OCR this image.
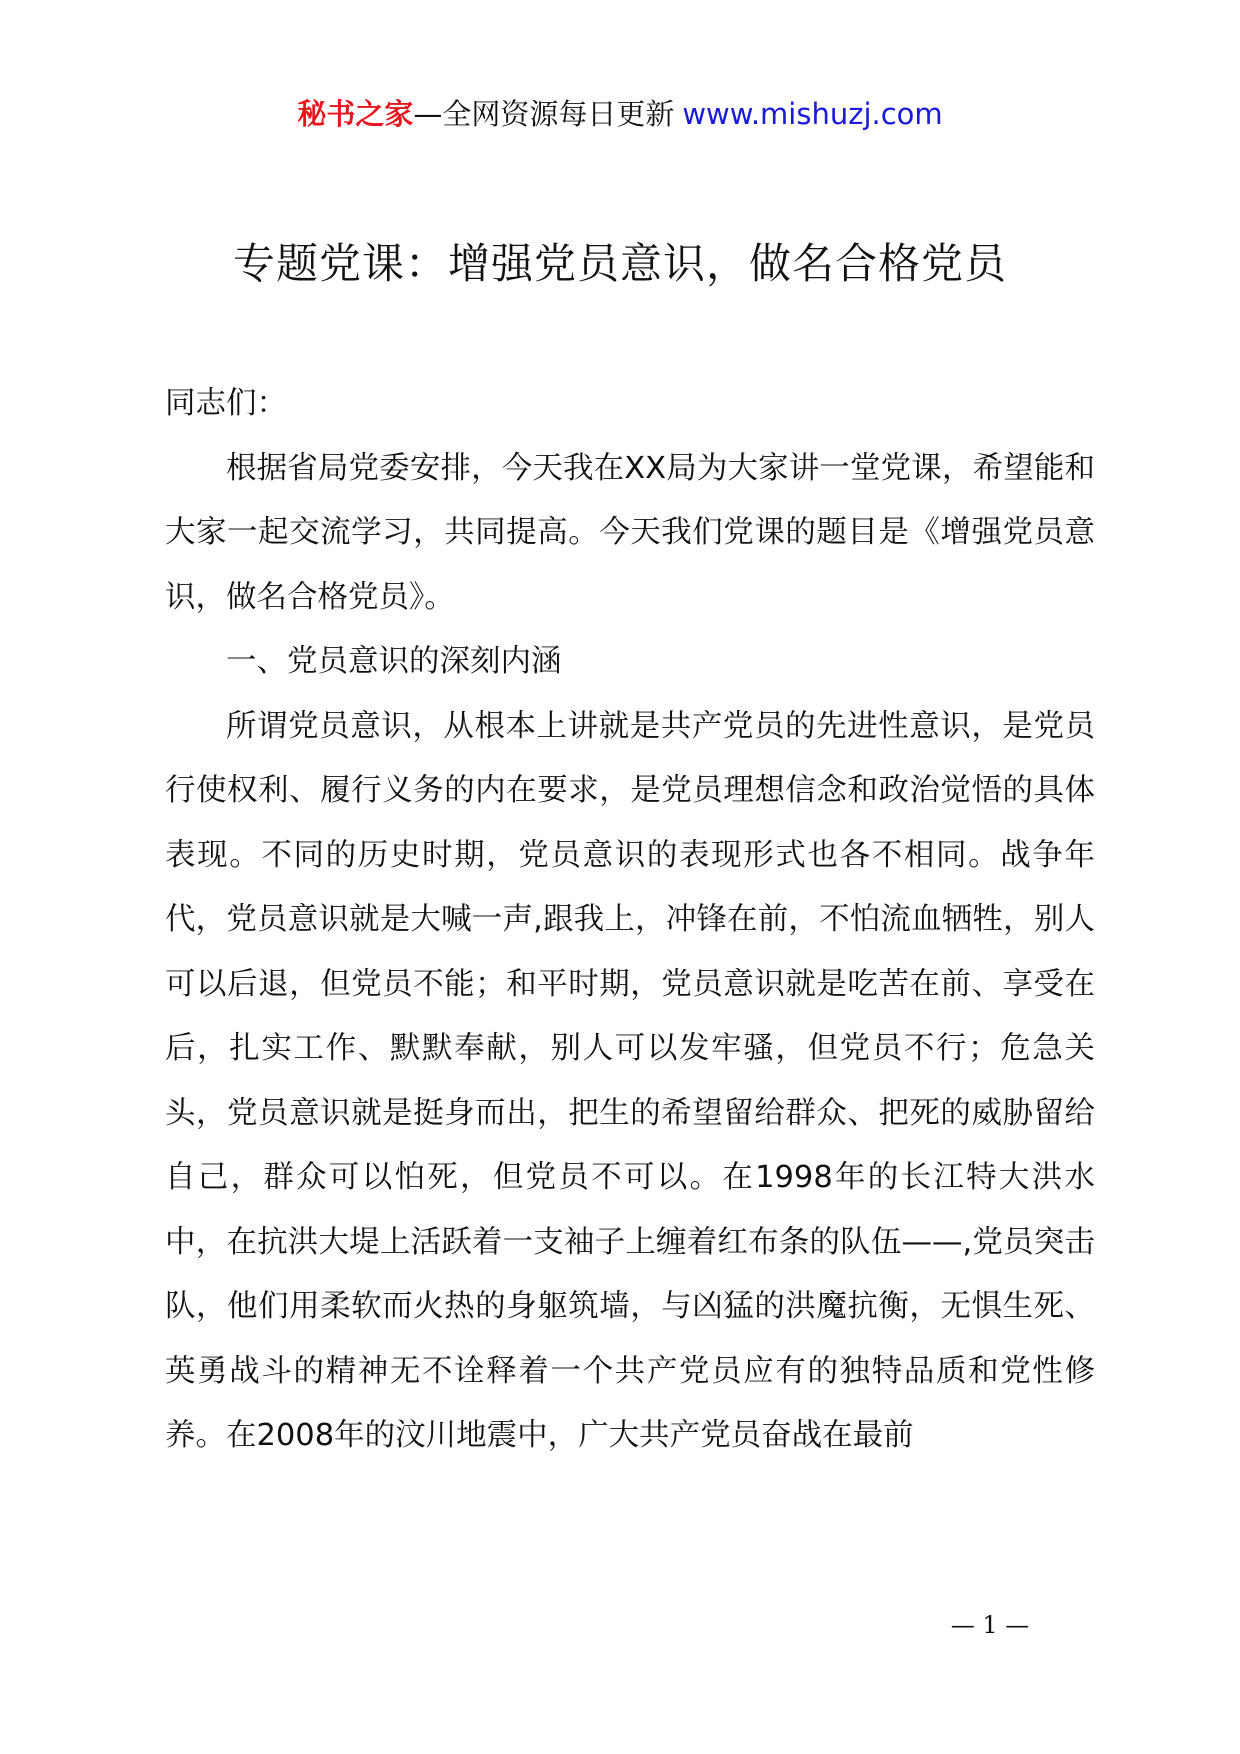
秘书之家—全网资源每日更新 www.mishuzj.com
专题党课：增强党员意识，做名合格党员

同志们：

根据省局党委安排，今天我在XX局为大家讲一堂党课，希望能和大家一起交流学习，共同提高。今天我们党课的题目是《增强党员意识，做名合格党员》。

一、党员意识的深刻内涵

所谓党员意识，从根本上讲就是共产党员的先进性意识，是党员行使权利、履行义务的内在要求，是党员理想信念和政治觉悟的具体表现。不同的历史时期，党员意识的表现形式也各不相同。战争年代，党员意识就是大喊一声,跟我上，冲锋在前，不怕流血牺牲，别人可以后退，但党员不能；和平时期，党员意识就是吃苦在前、享受在后，扎实工作、默默奉献，别人可以发牢骚，但党员不行；危急关头，党员意识就是挺身而出，把生的希望留给群众、把死的威胁留给自己，群众可以怕死，但党员不可以。在1998年的长江特大洪水中，在抗洪大堤上活跃着一支袖子上缠着红布条的队伍——,党员突击队，他们用柔软而火热的身躯筑墙，与凶猛的洪魔抗衡，无惧生死、英勇战斗的精神无不诠释着一个共产党员应有的独特品质和党性修养。在2008年的汶川地震中，广大共产党员奋战在最前

— 1 —
